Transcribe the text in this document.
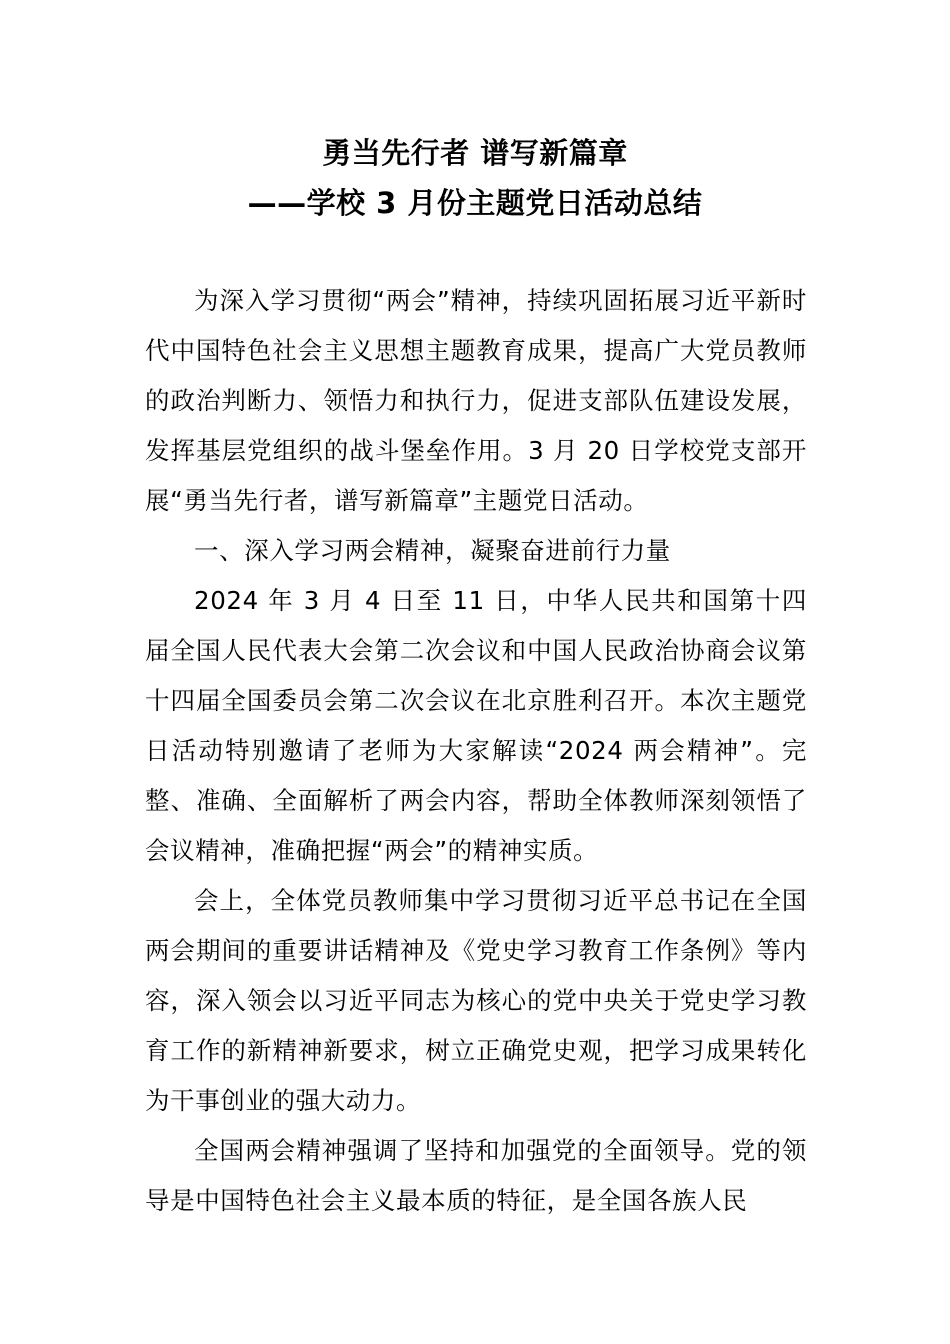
勇当先行者 谱写新篇章
——学校 3 月份主题党日活动总结

为深入学习贯彻“两会”精神，持续巩固拓展习近平新时代中国特色社会主义思想主题教育成果，提高广大党员教师的政治判断力、领悟力和执行力，促进支部队伍建设发展，发挥基层党组织的战斗堡垒作用。3 月 20 日学校党支部开展“勇当先行者，谱写新篇章”主题党日活动。

一、深入学习两会精神，凝聚奋进前行力量

2024 年 3 月 4 日至 11 日，中华人民共和国第十四届全国人民代表大会第二次会议和中国人民政治协商会议第十四届全国委员会第二次会议在北京胜利召开。本次主题党日活动特别邀请了老师为大家解读“2024 两会精神”。完整、准确、全面解析了两会内容，帮助全体教师深刻领悟了会议精神，准确把握“两会”的精神实质。

会上，全体党员教师集中学习贯彻习近平总书记在全国两会期间的重要讲话精神及《党史学习教育工作条例》等内容，深入领会以习近平同志为核心的党中央关于党史学习教育工作的新精神新要求，树立正确党史观，把学习成果转化为干事创业的强大动力。

全国两会精神强调了坚持和加强党的全面领导。党的领导是中国特色社会主义最本质的特征，是全国各族人民
